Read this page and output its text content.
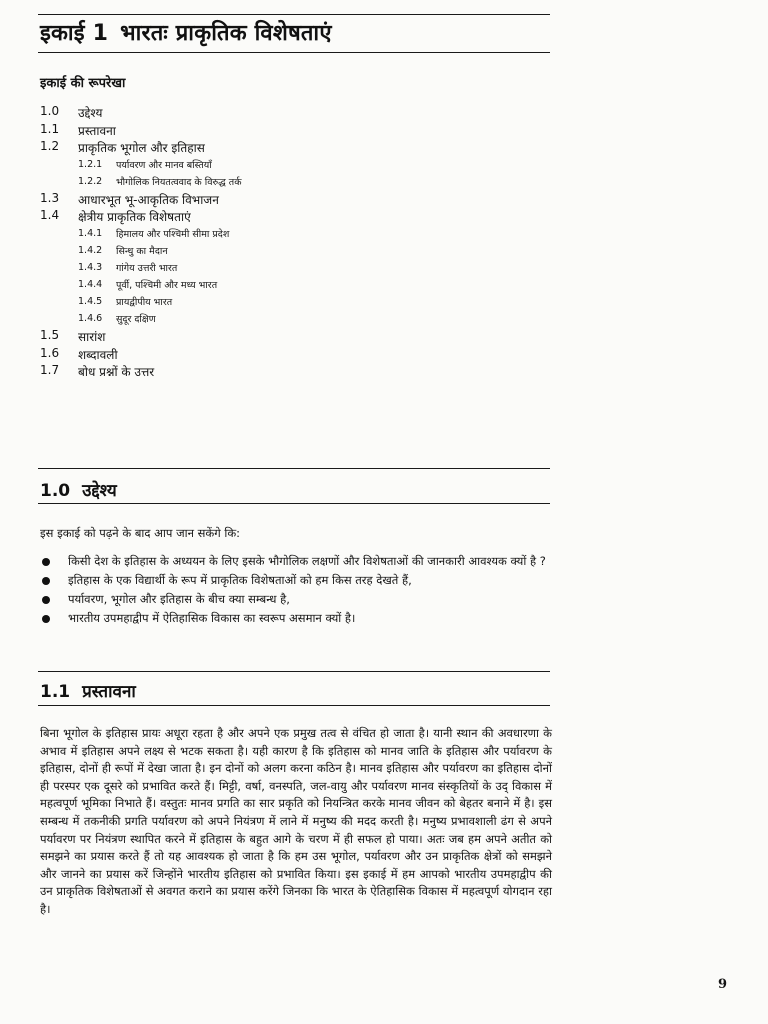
इकाई 1 भारतः प्राकृतिक विशेषताएं
इकाई की रूपरेखा
1.0 उद्देश्य
1.1 प्रस्तावना
1.2 प्राकृतिक भूगोल और इतिहास
1.2.1 पर्यावरण और मानव बस्तियाँ
1.2.2 भौगोलिक नियतत्ववाद के विरुद्ध तर्क
1.3 आधारभूत भू-आकृतिक विभाजन
1.4 क्षेत्रीय प्राकृतिक विशेषताएं
1.4.1 हिमालय और पश्चिमी सीमा प्रदेश
1.4.2 सिन्धु का मैदान
1.4.3 गांगेय उत्तरी भारत
1.4.4 पूर्वी, पश्चिमी और मध्य भारत
1.4.5 प्रायद्वीपीय भारत
1.4.6 सुदूर दक्षिण
1.5 सारांश
1.6 शब्दावली
1.7 बोध प्रश्नों के उत्तर
1.0 उद्देश्य
इस इकाई को पढ़ने के बाद आप जान सकेंगे कि:
किसी देश के इतिहास के अध्ययन के लिए इसके भौगोलिक लक्षणों और विशेषताओं की जानकारी आवश्यक क्यों है ?
इतिहास के एक विद्यार्थी के रूप में प्राकृतिक विशेषताओं को हम किस तरह देखते हैं,
पर्यावरण, भूगोल और इतिहास के बीच क्या सम्बन्ध है,
भारतीय उपमहाद्वीप में ऐतिहासिक विकास का स्वरूप असमान क्यों है।
1.1 प्रस्तावना
बिना भूगोल के इतिहास प्रायः अधूरा रहता है और अपने एक प्रमुख तत्व से वंचित हो जाता है। यानी स्थान की अवधारणा के अभाव में इतिहास अपने लक्ष्य से भटक सकता है। यही कारण है कि इतिहास को मानव जाति के इतिहास और पर्यावरण के इतिहास, दोनों ही रूपों में देखा जाता है। इन दोनों को अलग करना कठिन है। मानव इतिहास और पर्यावरण का इतिहास दोनों ही परस्पर एक दूसरे को प्रभावित करते हैं। मिट्टी, वर्षा, वनस्पति, जल-वायु और पर्यावरण मानव संस्कृतियों के उद् विकास में महत्वपूर्ण भूमिका निभाते हैं। वस्तुतः मानव प्रगति का सार प्रकृति को नियन्त्रित करके मानव जीवन को बेहतर बनाने में है। इस सम्बन्ध में तकनीकी प्रगति पर्यावरण को अपने नियंत्रण में लाने में मनुष्य की मदद करती है। मनुष्य प्रभावशाली ढंग से अपने पर्यावरण पर नियंत्रण स्थापित करने में इतिहास के बहुत आगे के चरण में ही सफल हो पाया। अतः जब हम अपने अतीत को समझने का प्रयास करते हैं तो यह आवश्यक हो जाता है कि हम उस भूगोल, पर्यावरण और उन प्राकृतिक क्षेत्रों को समझने और जानने का प्रयास करें जिन्होंने भारतीय इतिहास को प्रभावित किया। इस इकाई में हम आपको भारतीय उपमहाद्वीप की उन प्राकृतिक विशेषताओं से अवगत कराने का प्रयास करेंगे जिनका कि भारत के ऐतिहासिक विकास में महत्वपूर्ण योगदान रहा है।
9
